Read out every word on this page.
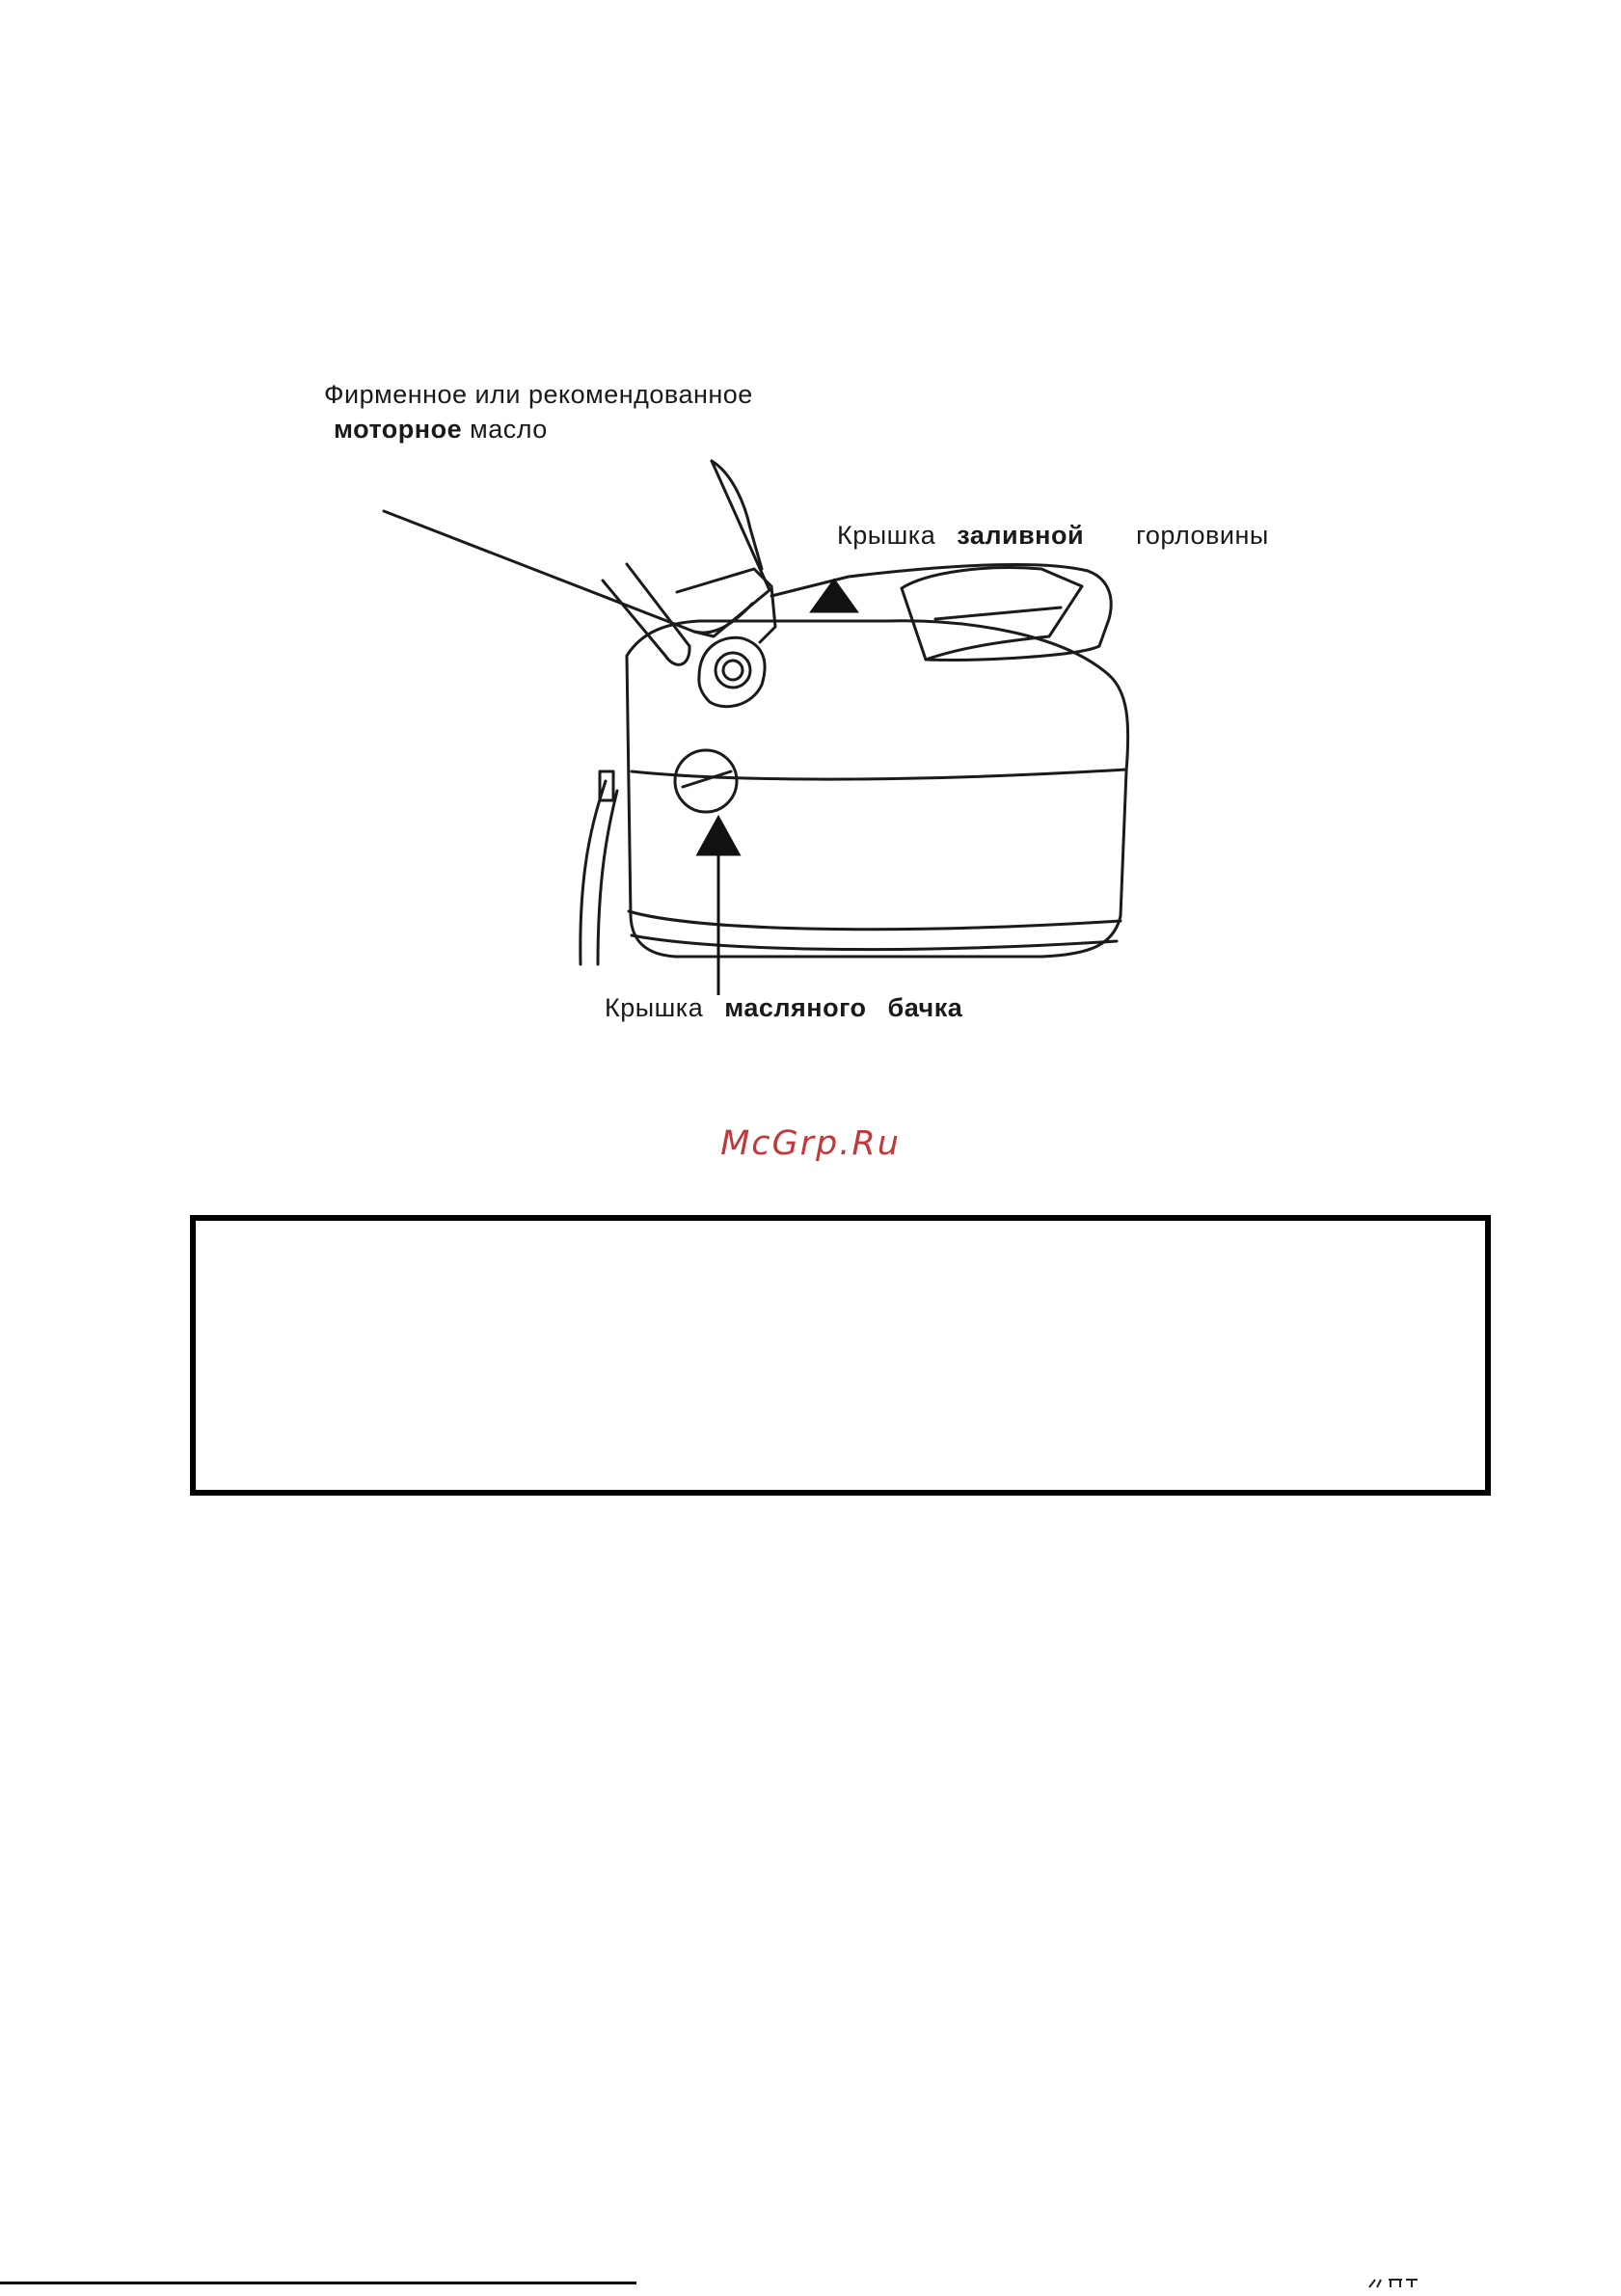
Фирменное или рекомендованное
моторное масло
Крышка заливной горловины
Крышка масляного бачка
McGrp.Ru
